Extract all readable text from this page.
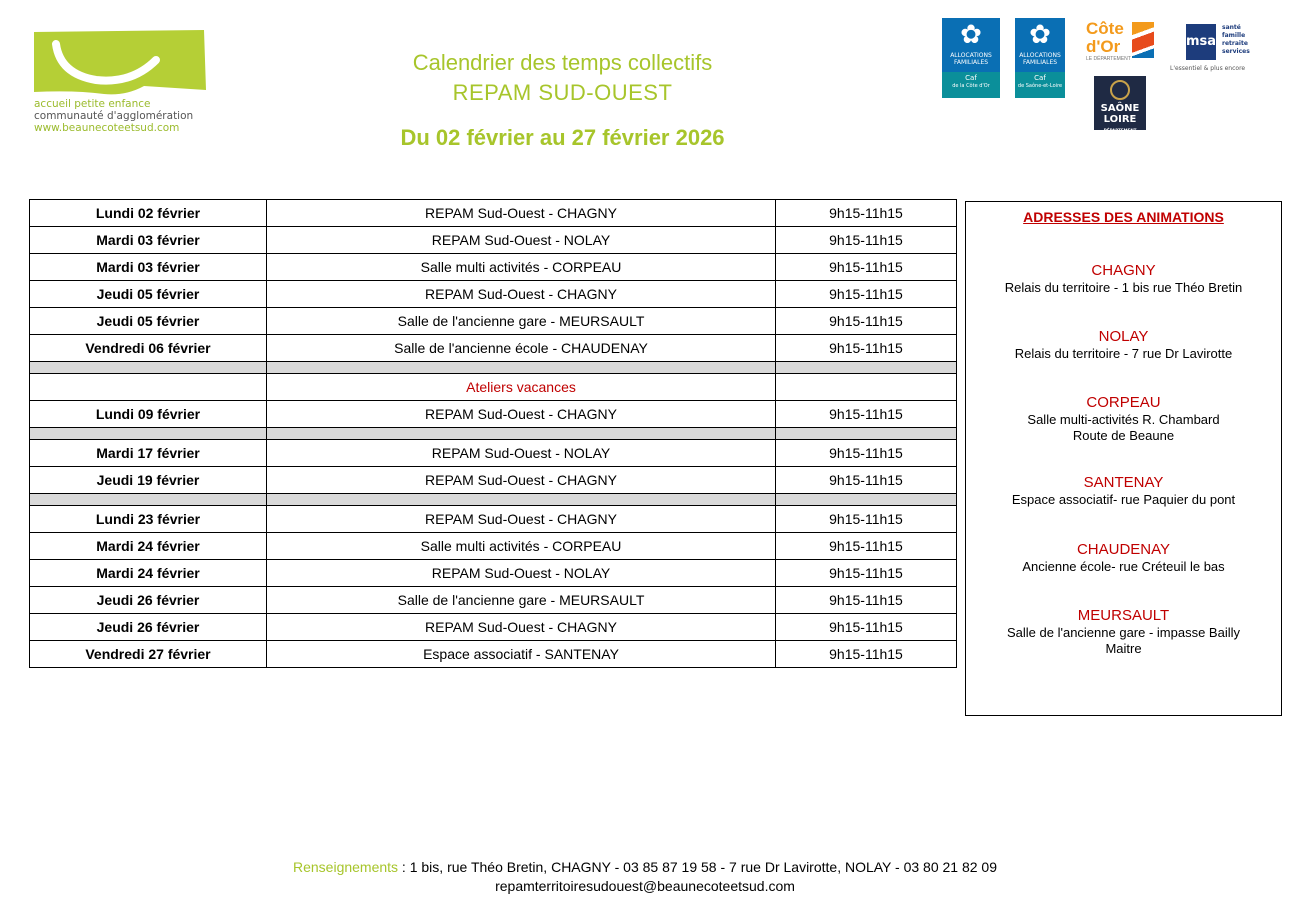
accueil petite enfance
communauté d'agglomération
www.beaunecoteetsud.com
Calendrier des temps collectifs
REPAM SUD-OUEST
Du 02 février au 27 février 2026
✿
ALLOCATIONS FAMILIALES
Caf
de la Côte d'Or
✿
ALLOCATIONS FAMILIALES
Caf
de Saône-et-Loire
Côte
d'Or
LE DÉPARTEMENT
msa
santé
famille
retraite
services
L'essentiel & plus encore
SAÔNE
LOIRE
DÉPARTEMENT
Lundi 02 février	REPAM Sud-Ouest - CHAGNY	9h15-11h15
Mardi 03 février	REPAM Sud-Ouest - NOLAY	9h15-11h15
Mardi 03 février	Salle multi activités - CORPEAU	9h15-11h15
Jeudi 05 février	REPAM Sud-Ouest - CHAGNY	9h15-11h15
Jeudi 05 février	Salle de l'ancienne gare - MEURSAULT	9h15-11h15
Vendredi 06 février	Salle de l'ancienne école - CHAUDENAY	9h15-11h15

	Ateliers vacances	
Lundi 09 février	REPAM Sud-Ouest - CHAGNY	9h15-11h15

Mardi 17 février	REPAM Sud-Ouest - NOLAY	9h15-11h15
Jeudi 19 février	REPAM Sud-Ouest - CHAGNY	9h15-11h15

Lundi 23 février	REPAM Sud-Ouest - CHAGNY	9h15-11h15
Mardi 24 février	Salle multi activités - CORPEAU	9h15-11h15
Mardi 24 février	REPAM Sud-Ouest - NOLAY	9h15-11h15
Jeudi 26 février	Salle de l'ancienne gare - MEURSAULT	9h15-11h15
Jeudi 26 février	REPAM Sud-Ouest - CHAGNY	9h15-11h15
Vendredi 27 février	Espace associatif - SANTENAY	9h15-11h15
ADRESSES DES ANIMATIONS
CHAGNY
Relais du territoire - 1 bis rue Théo Bretin
NOLAY
Relais du territoire - 7 rue Dr Lavirotte
CORPEAU
Salle multi-activités R. Chambard
Route de Beaune
SANTENAY
Espace associatif- rue Paquier du pont
CHAUDENAY
Ancienne école- rue Créteuil le bas
MEURSAULT
Salle de l'ancienne gare - impasse Bailly
Maitre
Renseignements : 1 bis, rue Théo Bretin, CHAGNY - 03 85 87 19 58 - 7 rue Dr Lavirotte, NOLAY - 03 80 21 82 09
repamterritoiresudouest@beaunecoteetsud.com
